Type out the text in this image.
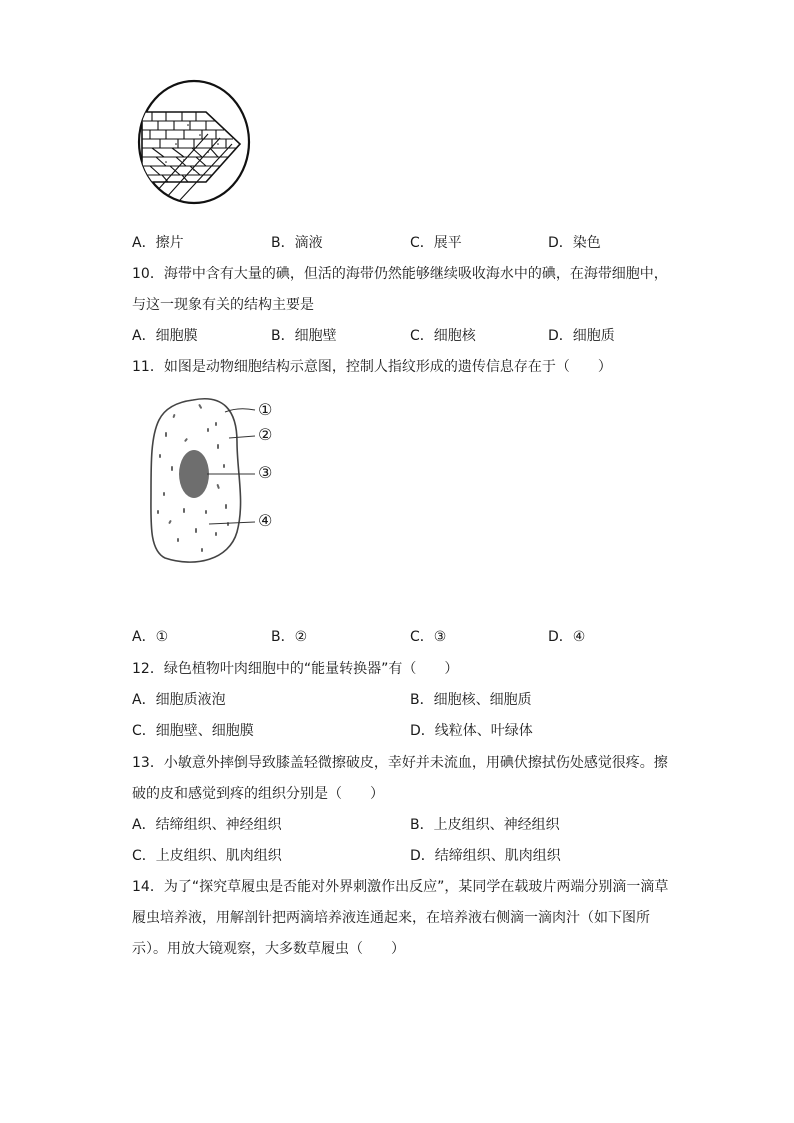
A．擦片	B．滴液	C．展平	D．染色
10．海带中含有大量的碘，但活的海带仍然能够继续吸收海水中的碘，在海带细胞中，
与这一现象有关的结构主要是
A．细胞膜	B．细胞壁	C．细胞核	D．细胞质
11．如图是动物细胞结构示意图，控制人指纹形成的遗传信息存在于（　　）
①
②
③
④
A．①	B．②	C．③	D．④
12．绿色植物叶肉细胞中的“能量转换器”有（　　）
A．细胞质液泡	B．细胞核、细胞质
C．细胞壁、细胞膜	D．线粒体、叶绿体
13．小敏意外摔倒导致膝盖轻微擦破皮，幸好并未流血，用碘伏擦拭伤处感觉很疼。擦
破的皮和感觉到疼的组织分别是（　　）
A．结缔组织、神经组织	B．上皮组织、神经组织
C．上皮组织、肌肉组织	D．结缔组织、肌肉组织
14．为了“探究草履虫是否能对外界刺激作出反应”，某同学在载玻片两端分别滴一滴草
履虫培养液，用解剖针把两滴培养液连通起来，在培养液右侧滴一滴肉汁（如下图所
示）。用放大镜观察，大多数草履虫（　　）
